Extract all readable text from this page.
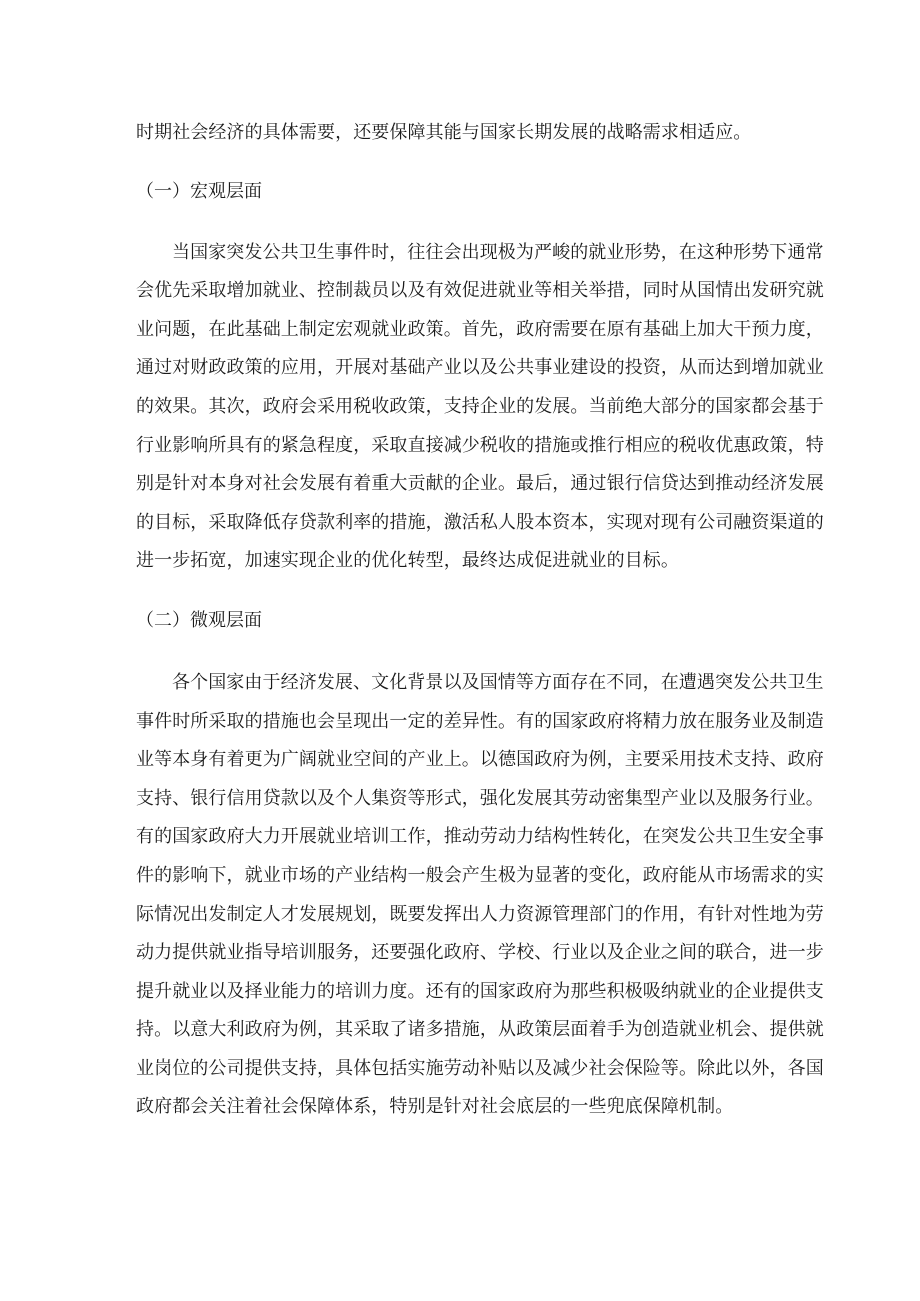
时期社会经济的具体需要，还要保障其能与国家长期发展的战略需求相适应。
（一）宏观层面
当国家突发公共卫生事件时，往往会出现极为严峻的就业形势，在这种形势下通常
会优先采取增加就业、控制裁员以及有效促进就业等相关举措，同时从国情出发研究就
业问题，在此基础上制定宏观就业政策。首先，政府需要在原有基础上加大干预力度，
通过对财政政策的应用，开展对基础产业以及公共事业建设的投资，从而达到增加就业
的效果。其次，政府会采用税收政策，支持企业的发展。当前绝大部分的国家都会基于
行业影响所具有的紧急程度，采取直接减少税收的措施或推行相应的税收优惠政策，特
别是针对本身对社会发展有着重大贡献的企业。最后，通过银行信贷达到推动经济发展
的目标，采取降低存贷款利率的措施，激活私人股本资本，实现对现有公司融资渠道的
进一步拓宽，加速实现企业的优化转型，最终达成促进就业的目标。
（二）微观层面
各个国家由于经济发展、文化背景以及国情等方面存在不同，在遭遇突发公共卫生
事件时所采取的措施也会呈现出一定的差异性。有的国家政府将精力放在服务业及制造
业等本身有着更为广阔就业空间的产业上。以德国政府为例，主要采用技术支持、政府
支持、银行信用贷款以及个人集资等形式，强化发展其劳动密集型产业以及服务行业。
有的国家政府大力开展就业培训工作，推动劳动力结构性转化，在突发公共卫生安全事
件的影响下，就业市场的产业结构一般会产生极为显著的变化，政府能从市场需求的实
际情况出发制定人才发展规划，既要发挥出人力资源管理部门的作用，有针对性地为劳
动力提供就业指导培训服务，还要强化政府、学校、行业以及企业之间的联合，进一步
提升就业以及择业能力的培训力度。还有的国家政府为那些积极吸纳就业的企业提供支
持。以意大利政府为例，其采取了诸多措施，从政策层面着手为创造就业机会、提供就
业岗位的公司提供支持，具体包括实施劳动补贴以及减少社会保险等。除此以外，各国
政府都会关注着社会保障体系，特别是针对社会底层的一些兜底保障机制。
